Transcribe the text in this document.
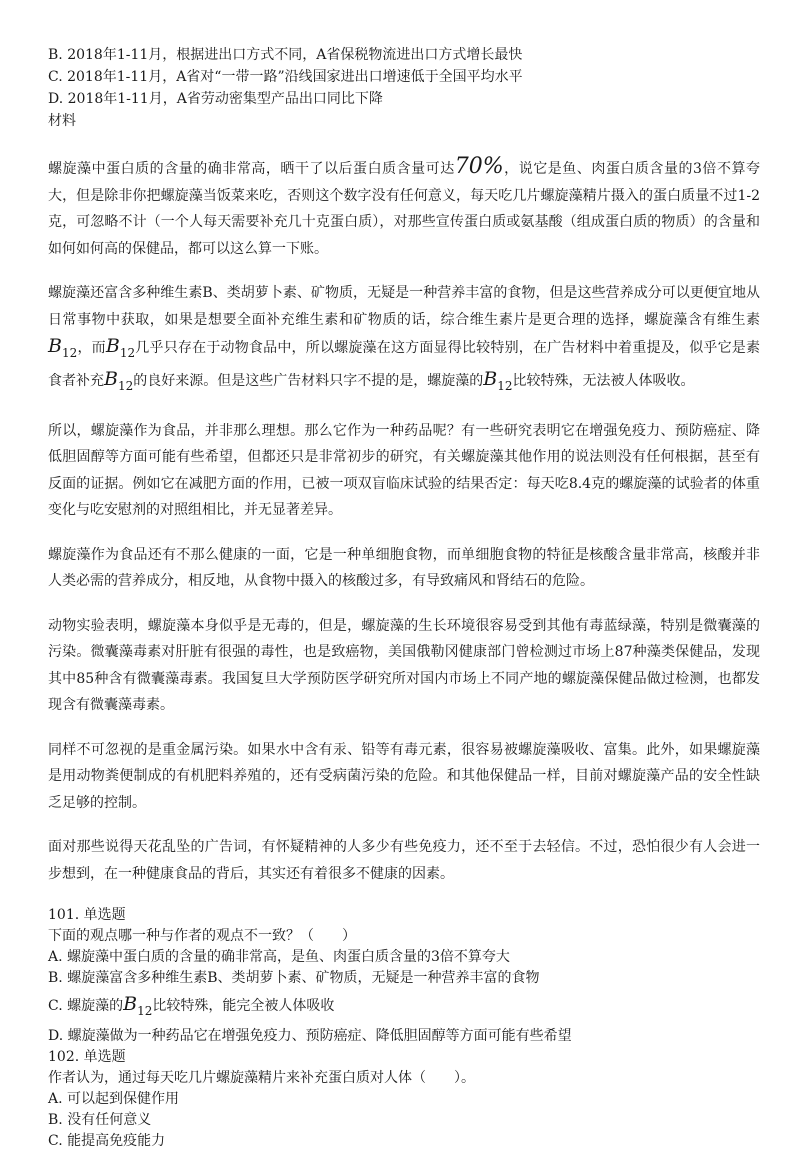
B. 2018年1-11月，根据进出口方式不同，A省保税物流进出口方式增长最快
C. 2018年1-11月，A省对“一带一路”沿线国家进出口增速低于全国平均水平
D. 2018年1-11月，A省劳动密集型产品出口同比下降
材料

螺旋藻中蛋白质的含量的确非常高，晒干了以后蛋白质含量可达70%，说它是鱼、肉蛋白质含量的3倍不算夸大，但是除非你把螺旋藻当饭菜来吃，否则这个数字没有任何意义，每天吃几片螺旋藻精片摄入的蛋白质量不过1-2克，可忽略不计（一个人每天需要补充几十克蛋白质），对那些宣传蛋白质或氨基酸（组成蛋白质的物质）的含量和如何如何高的保健品，都可以这么算一下账。

螺旋藻还富含多种维生素B、类胡萝卜素、矿物质，无疑是一种营养丰富的食物，但是这些营养成分可以更便宜地从日常事物中获取，如果是想要全面补充维生素和矿物质的话，综合维生素片是更合理的选择，螺旋藻含有维生素$B_{12}$，而$B_{12}$几乎只存在于动物食品中，所以螺旋藻在这方面显得比较特别，在广告材料中着重提及，似乎它是素食者补充$B_{12}$的良好来源。但是这些广告材料只字不提的是，螺旋藻的$B_{12}$比较特殊，无法被人体吸收。

所以，螺旋藻作为食品，并非那么理想。那么它作为一种药品呢？有一些研究表明它在增强免疫力、预防癌症、降低胆固醇等方面可能有些希望，但都还只是非常初步的研究，有关螺旋藻其他作用的说法则没有任何根据，甚至有反面的证据。例如它在减肥方面的作用，已被一项双盲临床试验的结果否定：每天吃8.4克的螺旋藻的试验者的体重变化与吃安慰剂的对照组相比，并无显著差异。

螺旋藻作为食品还有不那么健康的一面，它是一种单细胞食物，而单细胞食物的特征是核酸含量非常高，核酸并非人类必需的营养成分，相反地，从食物中摄入的核酸过多，有导致痛风和肾结石的危险。

动物实验表明，螺旋藻本身似乎是无毒的，但是，螺旋藻的生长环境很容易受到其他有毒蓝绿藻，特别是微囊藻的污染。微囊藻毒素对肝脏有很强的毒性，也是致癌物，美国俄勒冈健康部门曾检测过市场上87种藻类保健品，发现其中85种含有微囊藻毒素。我国复旦大学预防医学研究所对国内市场上不同产地的螺旋藻保健品做过检测，也都发现含有微囊藻毒素。

同样不可忽视的是重金属污染。如果水中含有汞、铅等有毒元素，很容易被螺旋藻吸收、富集。此外，如果螺旋藻是用动物粪便制成的有机肥料养殖的，还有受病菌污染的危险。和其他保健品一样，目前对螺旋藻产品的安全性缺乏足够的控制。

面对那些说得天花乱坠的广告词，有怀疑精神的人多少有些免疫力，还不至于去轻信。不过，恐怕很少有人会进一步想到，在一种健康食品的背后，其实还有着很多不健康的因素。

101. 单选题
下面的观点哪一种与作者的观点不一致？（　　）
A. 螺旋藻中蛋白质的含量的确非常高，是鱼、肉蛋白质含量的3倍不算夸大
B. 螺旋藻富含多种维生素B、类胡萝卜素、矿物质，无疑是一种营养丰富的食物
C. 螺旋藻的$B_{12}$比较特殊，能完全被人体吸收
D. 螺旋藻做为一种药品它在增强免疫力、预防癌症、降低胆固醇等方面可能有些希望
102. 单选题
作者认为，通过每天吃几片螺旋藻精片来补充蛋白质对人体（　　）。
A. 可以起到保健作用
B. 没有任何意义
C. 能提高免疫能力
